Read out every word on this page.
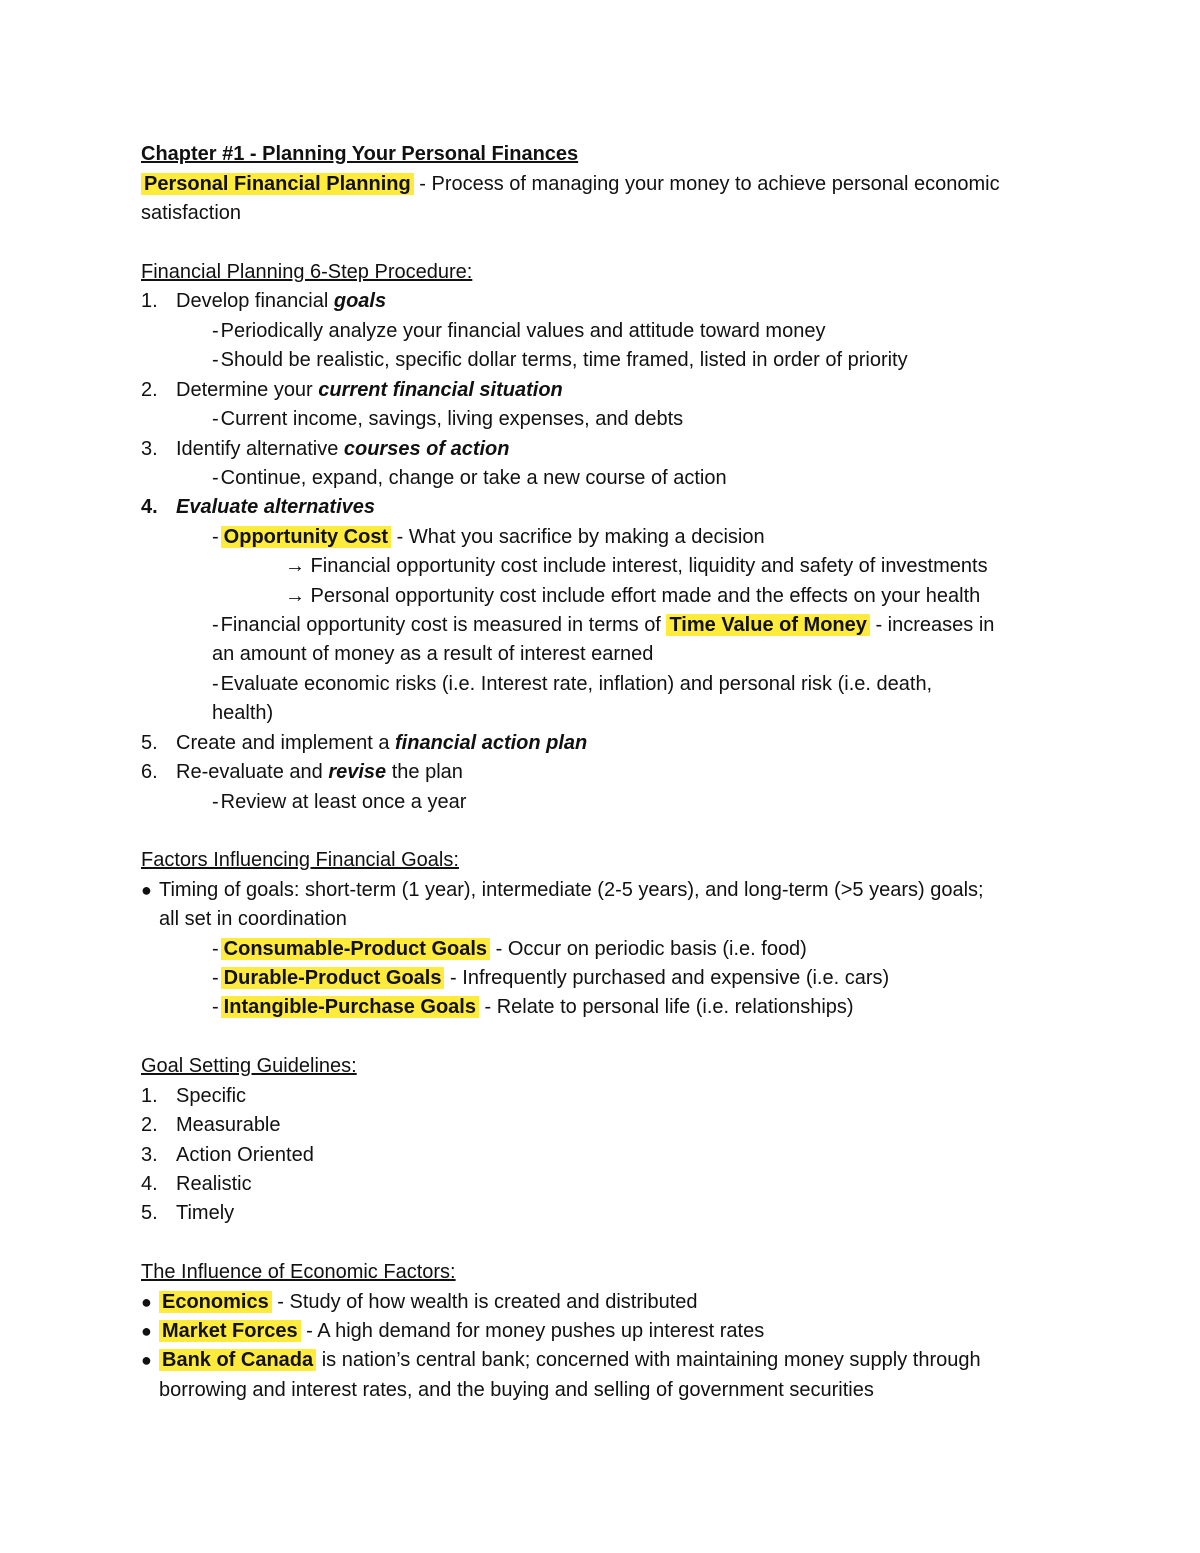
Chapter #1 - Planning Your Personal Finances
Personal Financial Planning - Process of managing your money to achieve personal economic
satisfaction
Financial Planning 6-Step Procedure:
1. Develop financial goals
- Periodically analyze your financial values and attitude toward money
- Should be realistic, specific dollar terms, time framed, listed in order of priority
2. Determine your current financial situation
- Current income, savings, living expenses, and debts
3. Identify alternative courses of action
- Continue, expand, change or take a new course of action
4. Evaluate alternatives
- Opportunity Cost - What you sacrifice by making a decision
→ Financial opportunity cost include interest, liquidity and safety of investments
→ Personal opportunity cost include effort made and the effects on your health
- Financial opportunity cost is measured in terms of Time Value of Money - increases in
an amount of money as a result of interest earned
- Evaluate economic risks (i.e. Interest rate, inflation) and personal risk (i.e. death,
health)
5. Create and implement a financial action plan
6. Re-evaluate and revise the plan
- Review at least once a year
Factors Influencing Financial Goals:
● Timing of goals: short-term (1 year), intermediate (2-5 years), and long-term (>5 years) goals;
all set in coordination
- Consumable-Product Goals - Occur on periodic basis (i.e. food)
- Durable-Product Goals - Infrequently purchased and expensive (i.e. cars)
- Intangible-Purchase Goals - Relate to personal life (i.e. relationships)
Goal Setting Guidelines:
1. Specific
2. Measurable
3. Action Oriented
4. Realistic
5. Timely
The Influence of Economic Factors:
● Economics - Study of how wealth is created and distributed
● Market Forces - A high demand for money pushes up interest rates
● Bank of Canada is nation’s central bank; concerned with maintaining money supply through
borrowing and interest rates, and the buying and selling of government securities
